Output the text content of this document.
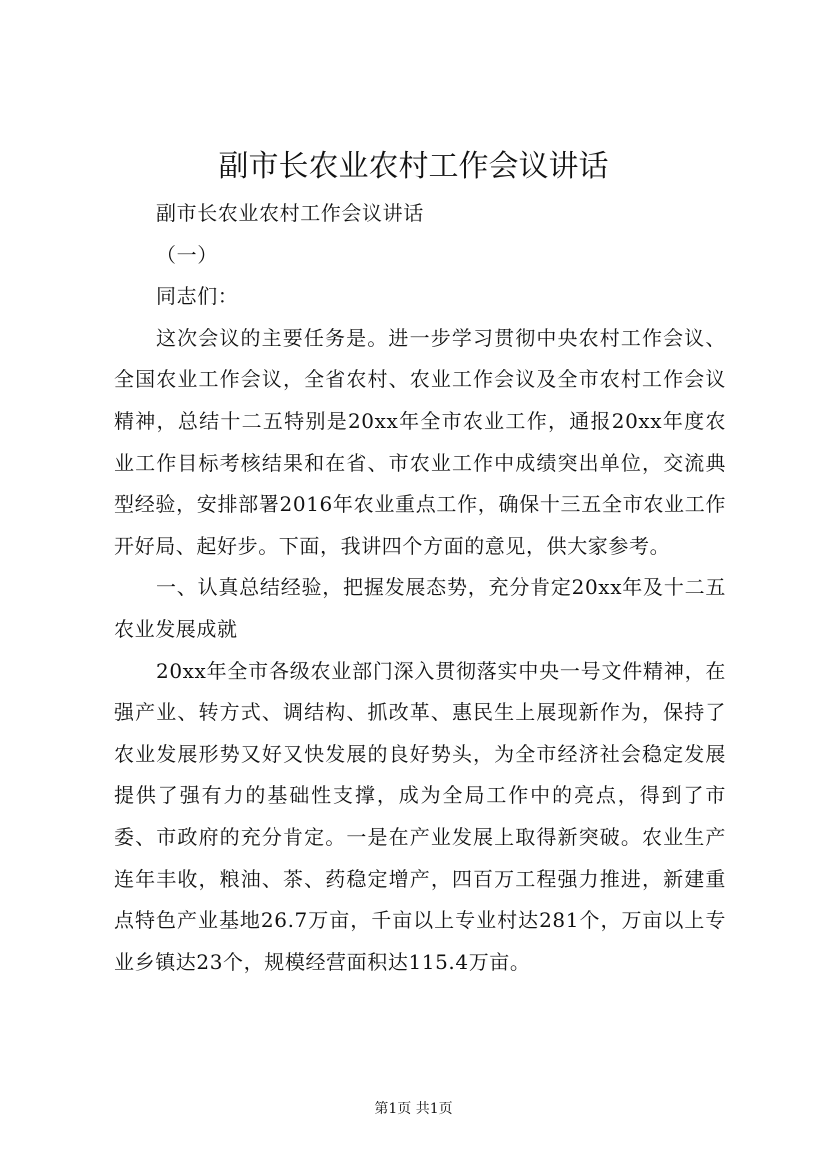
副市长农业农村工作会议讲话

副市长农业农村工作会议讲话

（一）

同志们：

这次会议的主要任务是。进一步学习贯彻中央农村工作会议、全国农业工作会议，全省农村、农业工作会议及全市农村工作会议精神，总结十二五特别是20xx年全市农业工作，通报20xx年度农业工作目标考核结果和在省、市农业工作中成绩突出单位，交流典型经验，安排部署2016年农业重点工作，确保十三五全市农业工作开好局、起好步。下面，我讲四个方面的意见，供大家参考。

一、认真总结经验，把握发展态势，充分肯定20xx年及十二五农业发展成就

20xx年全市各级农业部门深入贯彻落实中央一号文件精神，在强产业、转方式、调结构、抓改革、惠民生上展现新作为，保持了农业发展形势又好又快发展的良好势头，为全市经济社会稳定发展提供了强有力的基础性支撑，成为全局工作中的亮点，得到了市委、市政府的充分肯定。一是在产业发展上取得新突破。农业生产连年丰收，粮油、茶、药稳定增产，四百万工程强力推进，新建重点特色产业基地26.7万亩，千亩以上专业村达281个，万亩以上专业乡镇达23个，规模经营面积达115.4万亩。

第1页 共1页
